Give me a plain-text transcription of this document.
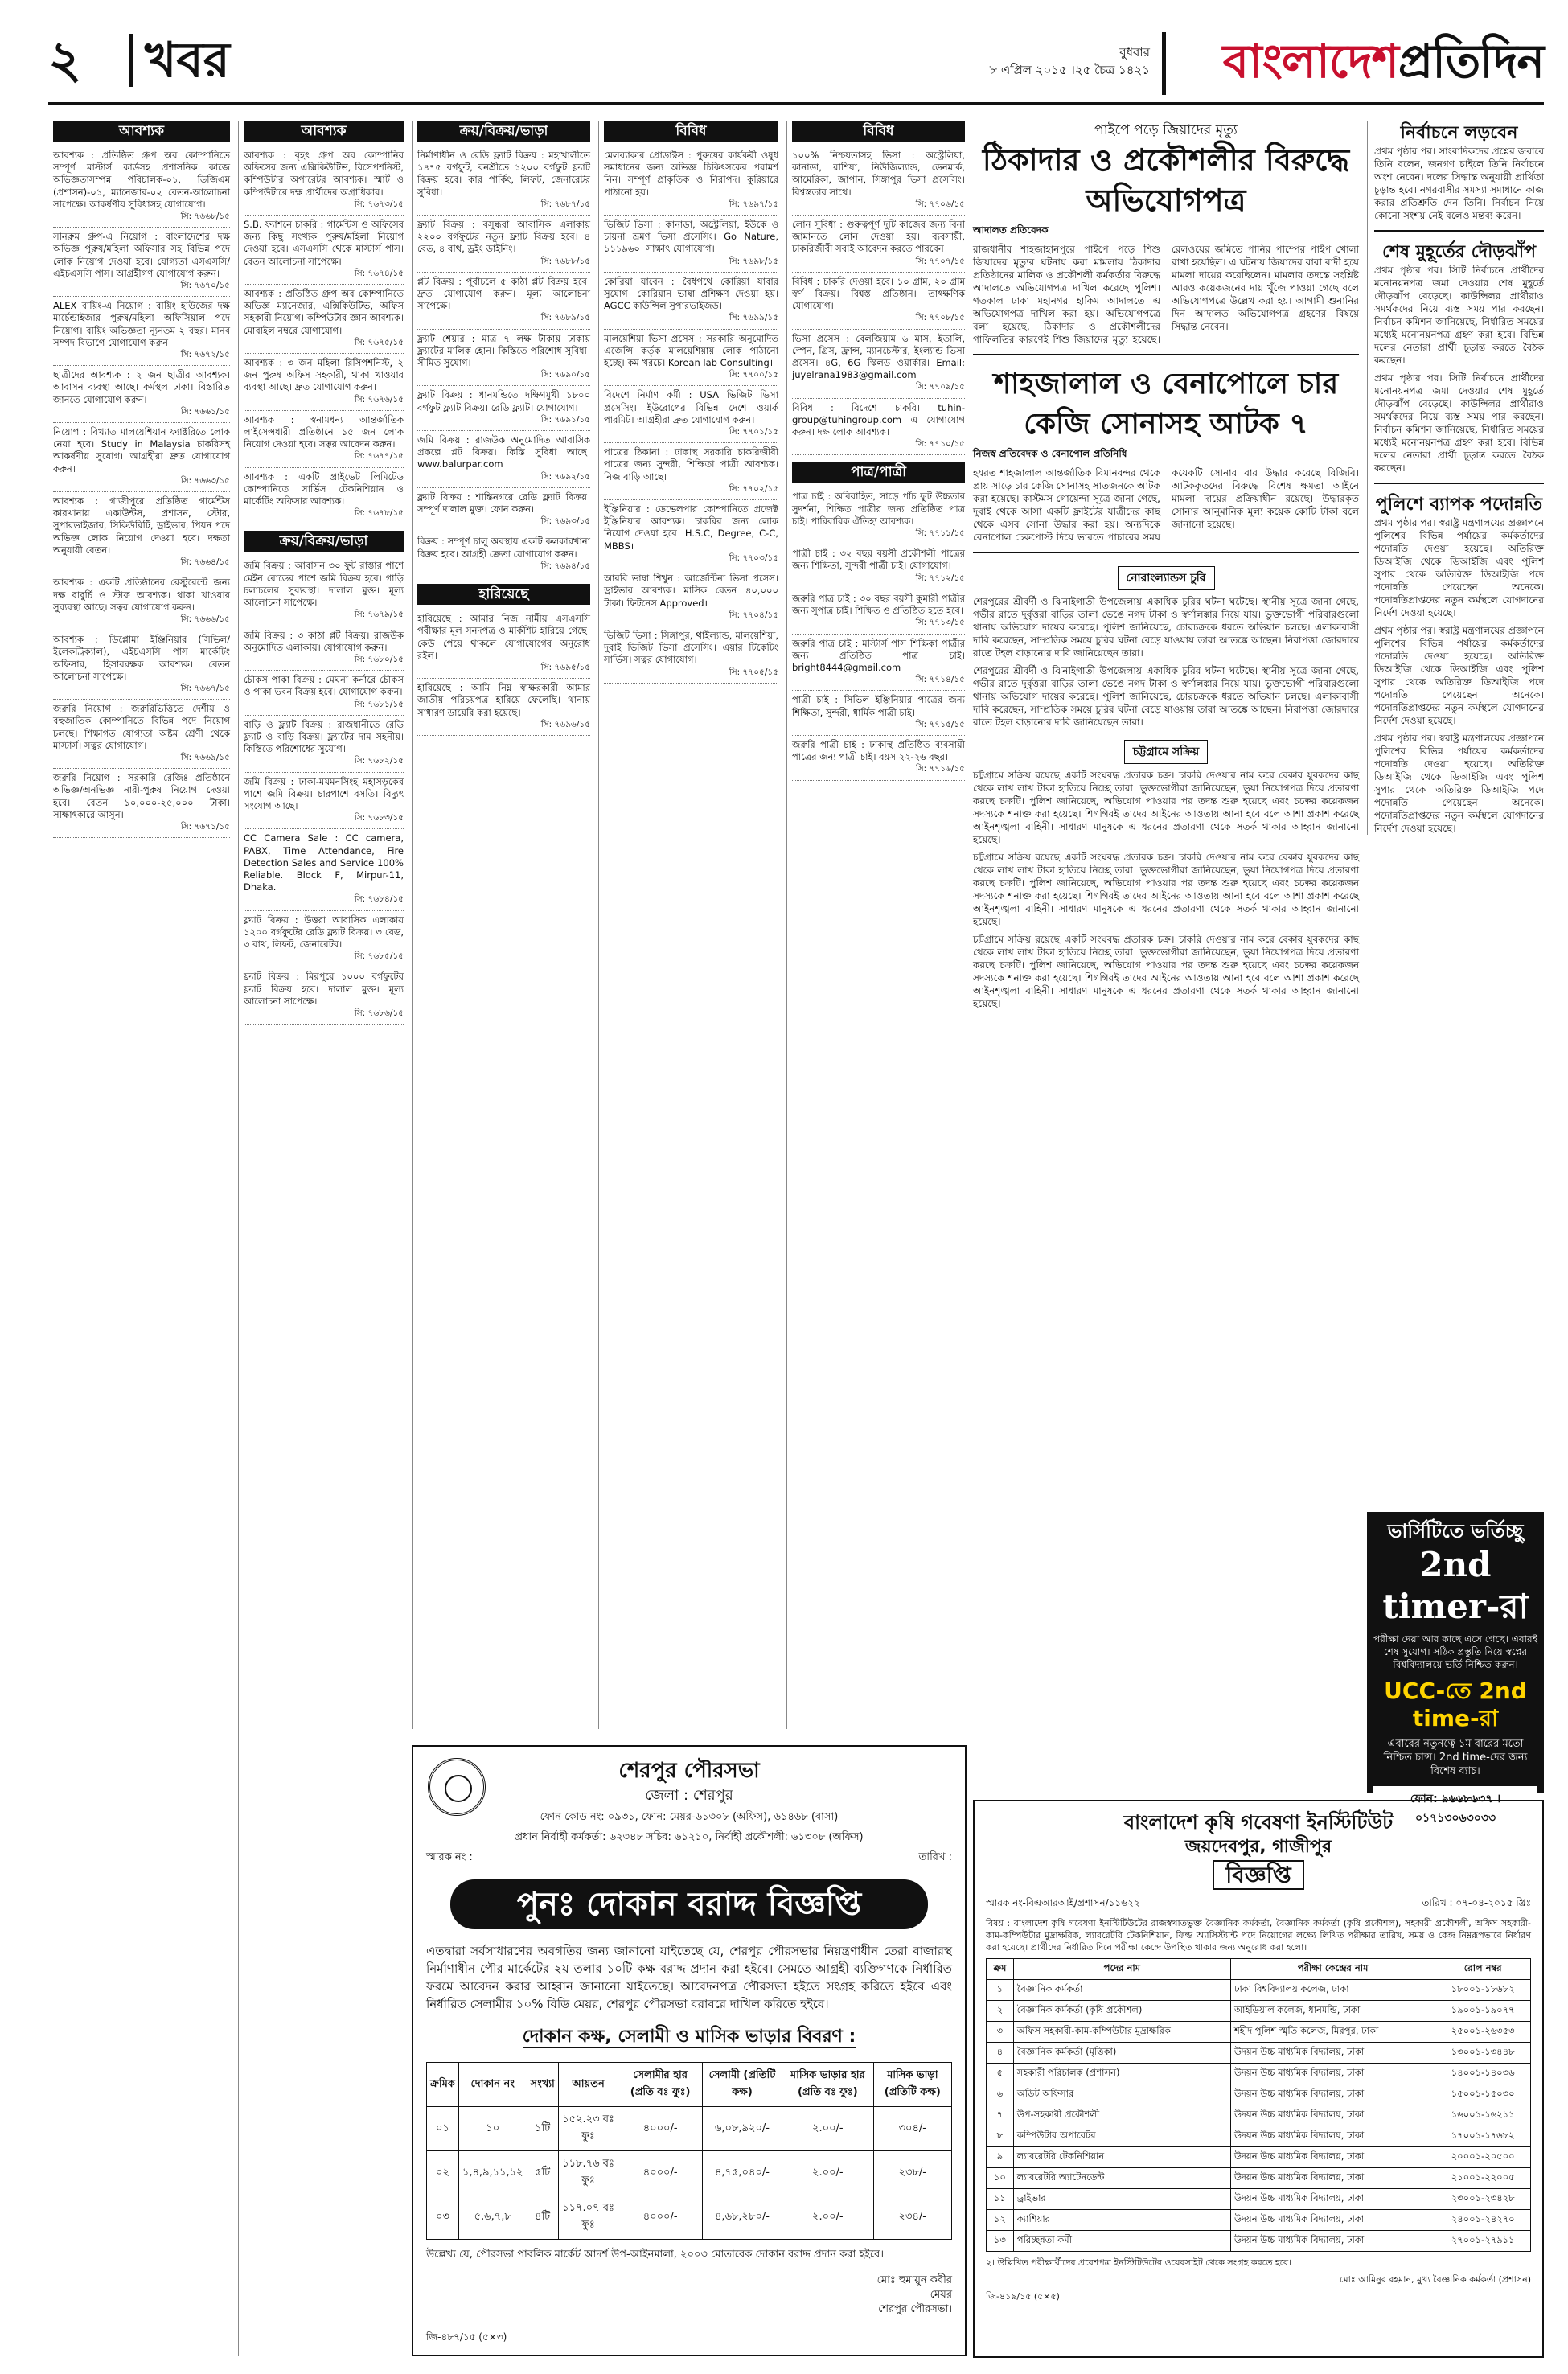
২ খবর	বুধবার
৮ এপ্রিল ২০১৫ ।২৫ চৈত্র ১৪২১ বাংলাদেশপ্রতিদিন
আবশ্যক
আবশ্যক : প্রতিষ্ঠিত গ্রুপ অব কোম্পানিতে সম্পূর্ণ মাস্টার্স কার্ডসহ প্রশাসনিক কাজে অভিজ্ঞতাসম্পন্ন পরিচালক-০১, ডিজিএম (প্রশাসন)-০১, ম্যানেজার-০২ বেতন-আলোচনা সাপেক্ষে। আকর্ষণীয় সুবিধাসহ যোগাযোগ।
সি: ৭৬৬৮/১৫
সানরুম গ্রুপ-এ নিয়োগ : বাংলাদেশের দক্ষ অভিজ্ঞ পুরুষ/মহিলা অফিসার সহ বিভিন্ন পদে লোক নিয়োগ দেওয়া হবে। যোগ্যতা এসএসসি/এইচএসসি পাস। আগ্রহীগণ যোগাযোগ করুন।
সি: ৭৬৭০/১৫
ALEX বায়িং-এ নিয়োগ : বায়িং হাউজের দক্ষ মার্চেন্ডাইজার পুরুষ/মহিলা অফিসিয়াল পদে নিয়োগ। বায়িং অভিজ্ঞতা ন্যূনতম ২ বছর। মানব সম্পদ বিভাগে যোগাযোগ করুন।
সি: ৭৬৭২/১৫
ছাত্রীদের আবশ্যক : ২ জন ছাত্রীর আবশ্যক। আবাসন ব্যবস্থা আছে। কর্মস্থল ঢাকা। বিস্তারিত জানতে যোগাযোগ করুন।
সি: ৭৬৬১/১৫
নিয়োগ : বিখ্যাত মালয়েশিয়ান ফ্যাক্টরিতে লোক নেয়া হবে। Study in Malaysia চাকরিসহ আকর্ষণীয় সুযোগ। আগ্রহীরা দ্রুত যোগাযোগ করুন।
সি: ৭৬৬৩/১৫
আবশ্যক : গাজীপুরে প্রতিষ্ঠিত গার্মেন্টস কারখানায় একাউন্টস, প্রশাসন, স্টোর, সুপারভাইজার, সিকিউরিটি, ড্রাইভার, পিয়ন পদে অভিজ্ঞ লোক নিয়োগ দেওয়া হবে। দক্ষতা অনুযায়ী বেতন।
সি: ৭৬৬৪/১৫
আবশ্যক : একটি প্রতিষ্ঠানের রেস্টুরেন্টে জন্য দক্ষ বাবুর্চি ও স্টাফ আবশ্যক। থাকা খাওয়ার সুব্যবস্থা আছে। সত্বর যোগাযোগ করুন।
সি: ৭৬৬৬/১৫
আবশ্যক : ডিপ্লোমা ইঞ্জিনিয়ার (সিভিল/ইলেকট্রিক্যাল), এইচএসসি পাস মার্কেটিং অফিসার, হিসাবরক্ষক আবশ্যক। বেতন আলোচনা সাপেক্ষে।
সি: ৭৬৬৭/১৫
জরুরি নিয়োগ : জরুরিভিত্তিতে দেশীয় ও বহুজাতিক কোম্পানিতে বিভিন্ন পদে নিয়োগ চলছে। শিক্ষাগত যোগ্যতা অষ্টম শ্রেণী থেকে মাস্টার্স। সত্বর যোগাযোগ।
সি: ৭৬৬৯/১৫
জরুরি নিয়োগ : সরকারি রেজিঃ প্রতিষ্ঠানে অভিজ্ঞ/অনভিজ্ঞ নারী-পুরুষ নিয়োগ দেওয়া হবে। বেতন ১০,০০০-২৫,০০০ টাকা। সাক্ষাৎকারে আসুন।
সি: ৭৬৭১/১৫
আবশ্যক
আবশ্যক : বৃহৎ গ্রুপ অব কোম্পানির অফিসের জন্য এক্সিকিউটিভ, রিসেপশনিস্ট, কম্পিউটার অপারেটর আবশ্যক। স্মার্ট ও কম্পিউটারে দক্ষ প্রার্থীদের অগ্রাধিকার।
সি: ৭৬৭৩/১৫
S.B. ফ্যাশনে চাকরি : গার্মেন্টস ও অফিসের জন্য কিছু সংখ্যক পুরুষ/মহিলা নিয়োগ দেওয়া হবে। এসএসসি থেকে মাস্টার্স পাস। বেতন আলোচনা সাপেক্ষে।
সি: ৭৬৭৪/১৫
আবশ্যক : প্রতিষ্ঠিত গ্রুপ অব কোম্পানিতে অভিজ্ঞ ম্যানেজার, এক্সিকিউটিভ, অফিস সহকারী নিয়োগ। কম্পিউটার জ্ঞান আবশ্যক। মোবাইল নম্বরে যোগাযোগ।
সি: ৭৬৭৫/১৫
আবশ্যক : ৩ জন মহিলা রিসিপশনিস্ট, ২ জন পুরুষ অফিস সহকারী, থাকা খাওয়ার ব্যবস্থা আছে। দ্রুত যোগাযোগ করুন।
সি: ৭৬৭৬/১৫
আবশ্যক : স্বনামধন্য আন্তর্জাতিক লাইসেন্সধারী প্রতিষ্ঠানে ১৫ জন লোক নিয়োগ দেওয়া হবে। সত্বর আবেদন করুন।
সি: ৭৬৭৭/১৫
আবশ্যক : একটি প্রাইভেট লিমিটেড কোম্পানিতে সার্ভিস টেকনিশিয়ান ও মার্কেটিং অফিসার আবশ্যক।
সি: ৭৬৭৮/১৫
ক্রয়/বিক্রয়/ভাড়া
জমি বিক্রয় : আবাসন ৩০ ফুট রাস্তার পাশে মেইন রোডের পাশে জমি বিক্রয় হবে। গাড়ি চলাচলের সুব্যবস্থা। দালাল মুক্ত। মূল্য আলোচনা সাপেক্ষে।
সি: ৭৬৭৯/১৫
জমি বিক্রয় : ৩ কাঠা প্লট বিক্রয়। রাজউক অনুমোদিত এলাকায়। যোগাযোগ করুন।
সি: ৭৬৮০/১৫
চৌকস পাকা বিক্রয় : মেঘনা কর্নারে চৌকস ও পাকা ভবন বিক্রয় হবে। যোগাযোগ করুন।
সি: ৭৬৮১/১৫
বাড়ি ও ফ্ল্যাট বিক্রয় : রাজধানীতে রেডি ফ্ল্যাট ও বাড়ি বিক্রয়। ফ্ল্যাটের দাম সহনীয়। কিস্তিতে পরিশোধের সুযোগ।
সি: ৭৬৮২/১৫
জমি বিক্রয় : ঢাকা-ময়মনসিংহ মহাসড়কের পাশে জমি বিক্রয়। চারপাশে বসতি। বিদ্যুৎ সংযোগ আছে।
সি: ৭৬৮৩/১৫
CC Camera Sale : CC camera, PABX, Time Attendance, Fire Detection Sales and Service 100% Reliable. Block F, Mirpur-11, Dhaka.
সি: ৭৬৮৪/১৫
ফ্ল্যাট বিক্রয় : উত্তরা আবাসিক এলাকায় ১২০০ বর্গফুটের রেডি ফ্ল্যাট বিক্রয়। ৩ বেড, ৩ বাথ, লিফট, জেনারেটর।
সি: ৭৬৮৫/১৫
ফ্ল্যাট বিক্রয় : মিরপুরে ১০০০ বর্গফুটের ফ্ল্যাট বিক্রয় হবে। দালাল মুক্ত। মূল্য আলোচনা সাপেক্ষে।
সি: ৭৬৮৬/১৫
ক্রয়/বিক্রয়/ভাড়া
নির্মাণাধীন ও রেডি ফ্ল্যাট বিক্রয় : মহাখালীতে ১৪৭৫ বর্গফুট, বনশ্রীতে ১২০০ বর্গফুট ফ্ল্যাট বিক্রয় হবে। কার পার্কিং, লিফট, জেনারেটর সুবিধা।
সি: ৭৬৮৭/১৫
ফ্ল্যাট বিক্রয় : বসুন্ধরা আবাসিক এলাকায় ২২০০ বর্গফুটের নতুন ফ্ল্যাট বিক্রয় হবে। ৪ বেড, ৪ বাথ, ড্রইং ডাইনিং।
সি: ৭৬৮৮/১৫
প্লট বিক্রয় : পূর্বাচলে ৫ কাঠা প্লট বিক্রয় হবে। দ্রুত যোগাযোগ করুন। মূল্য আলোচনা সাপেক্ষে।
সি: ৭৬৮৯/১৫
ফ্ল্যাট শেয়ার : মাত্র ৭ লক্ষ টাকায় ঢাকায় ফ্ল্যাটের মালিক হোন। কিস্তিতে পরিশোধ সুবিধা। সীমিত সুযোগ।
সি: ৭৬৯০/১৫
ফ্ল্যাট বিক্রয় : ধানমন্ডিতে দক্ষিণমুখী ১৮০০ বর্গফুট ফ্ল্যাট বিক্রয়। রেডি ফ্ল্যাট। যোগাযোগ।
সি: ৭৬৯১/১৫
জমি বিক্রয় : রাজউক অনুমোদিত আবাসিক প্রকল্পে প্লট বিক্রয়। কিস্তি সুবিধা আছে। www.balurpar.com
সি: ৭৬৯২/১৫
ফ্ল্যাট বিক্রয় : শান্তিনগরে রেডি ফ্ল্যাট বিক্রয়। সম্পূর্ণ দালাল মুক্ত। ফোন করুন।
সি: ৭৬৯৩/১৫
বিক্রয় : সম্পূর্ণ চালু অবস্থায় একটি কলকারখানা বিক্রয় হবে। আগ্রহী ক্রেতা যোগাযোগ করুন।
সি: ৭৬৯৪/১৫
হারিয়েছে
হারিয়েছে : আমার নিজ নামীয় এসএসসি পরীক্ষার মূল সনদপত্র ও মার্কশিট হারিয়ে গেছে। কেউ পেয়ে থাকলে যোগাযোগের অনুরোধ রইল।
সি: ৭৬৯৫/১৫
হারিয়েছে : আমি নিম্ন স্বাক্ষরকারী আমার জাতীয় পরিচয়পত্র হারিয়ে ফেলেছি। থানায় সাধারণ ডায়েরি করা হয়েছে।
সি: ৭৬৯৬/১৫
বিবিধ
মেলব্যাকার প্রোডাক্টস : পুরুষের কার্যকরী ওষুধ সমাধানের জন্য অভিজ্ঞ চিকিৎসকের পরামর্শ নিন। সম্পূর্ণ প্রাকৃতিক ও নিরাপদ। কুরিয়ারে পাঠানো হয়।
সি: ৭৬৯৭/১৫
ভিজিট ভিসা : কানাডা, অস্ট্রেলিয়া, ইউকে ও চায়না ভ্রমণ ভিসা প্রসেসিং। Go Nature, ১১১৯৬০। সাক্ষাৎ যোগাযোগ।
সি: ৭৬৯৮/১৫
কোরিয়া যাবেন : বৈধপথে কোরিয়া যাবার সুযোগ। কোরিয়ান ভাষা প্রশিক্ষণ দেওয়া হয়। AGCC কাউন্সিল সুপারভাইজড।
সি: ৭৬৯৯/১৫
মালয়েশিয়া ভিসা প্রসেস : সরকারি অনুমোদিত এজেন্সি কর্তৃক মালয়েশিয়ায় লোক পাঠানো হচ্ছে। কম খরচে। Korean lab Consulting।
সি: ৭৭০০/১৫
বিদেশে নির্মাণ কর্মী : USA ভিজিট ভিসা প্রসেসিং। ইউরোপের বিভিন্ন দেশে ওয়ার্ক পারমিট। আগ্রহীরা দ্রুত যোগাযোগ করুন।
সি: ৭৭০১/১৫
পাত্রের ঠিকানা : ঢাকাস্থ সরকারি চাকরিজীবী পাত্রের জন্য সুন্দরী, শিক্ষিতা পাত্রী আবশ্যক। নিজ বাড়ি আছে।
সি: ৭৭০২/১৫
ইঞ্জিনিয়ার : ডেভেলপার কোম্পানিতে প্রজেক্ট ইঞ্জিনিয়ার আবশ্যক। চাকরির জন্য লোক নিয়োগ দেওয়া হবে। H.S.C, Degree, C-C, MBBS।
সি: ৭৭০৩/১৫
আরবি ভাষা শিখুন : আর্জেন্টিনা ভিসা প্রসেস। ড্রাইভার আবশ্যক। মাসিক বেতন ৪০,০০০ টাকা। ফিটনেস Approved।
সি: ৭৭০৪/১৫
ভিজিট ভিসা : সিঙ্গাপুর, থাইল্যান্ড, মালয়েশিয়া, দুবাই ভিজিট ভিসা প্রসেসিং। এয়ার টিকেটিং সার্ভিস। সত্বর যোগাযোগ।
সি: ৭৭০৫/১৫
বিবিধ
১০০% নিশ্চয়তাসহ ভিসা : অস্ট্রেলিয়া, কানাডা, রাশিয়া, নিউজিল্যান্ড, ডেনমার্ক, আমেরিকা, জাপান, সিঙ্গাপুর ভিসা প্রসেসিং। বিশ্বস্ততার সাথে।
সি: ৭৭০৬/১৫
লোন সুবিধা : গুরুত্বপূর্ণ দুটি কাজের জন্য বিনা জামানতে লোন দেওয়া হয়। ব্যবসায়ী, চাকরিজীবী সবাই আবেদন করতে পারবেন।
সি: ৭৭০৭/১৫
বিবিধ : চাকরি দেওয়া হবে। ১০ গ্রাম, ২০ গ্রাম স্বর্ণ বিক্রয়। বিশ্বস্ত প্রতিষ্ঠান। তাৎক্ষণিক যোগাযোগ।
সি: ৭৭০৮/১৫
ভিসা প্রসেস : বেলজিয়াম ৬ মাস, ইতালি, স্পেন, গ্রিস, ফ্রান্স, ম্যানচেস্টার, ইংল্যান্ড ভিসা প্রসেস। ৪G, 6G স্কিলড ওয়ার্কার। Email: juyelrana1983@gmail.com
সি: ৭৭০৯/১৫
বিবিধ : বিদেশে চাকরি। tuhin-group@tuhingroup.com এ যোগাযোগ করুন। দক্ষ লোক আবশ্যক।
সি: ৭৭১০/১৫
পাত্র/পাত্রী
পাত্র চাই : অবিবাহিত, সাড়ে পাঁচ ফুট উচ্চতার সুদর্শনা, শিক্ষিত পাত্রীর জন্য প্রতিষ্ঠিত পাত্র চাই। পারিবারিক ঐতিহ্য আবশ্যক।
সি: ৭৭১১/১৫
পাত্রী চাই : ৩২ বছর বয়সী প্রকৌশলী পাত্রের জন্য শিক্ষিতা, সুন্দরী পাত্রী চাই। যোগাযোগ।
সি: ৭৭১২/১৫
জরুরি পাত্র চাই : ৩০ বছর বয়সী কুমারী পাত্রীর জন্য সুপাত্র চাই। শিক্ষিত ও প্রতিষ্ঠিত হতে হবে।
সি: ৭৭১৩/১৫
জরুরি পাত্র চাই : মাস্টার্স পাস শিক্ষিকা পাত্রীর জন্য প্রতিষ্ঠিত পাত্র চাই। bright8444@gmail.com
সি: ৭৭১৪/১৫
পাত্রী চাই : সিভিল ইঞ্জিনিয়ার পাত্রের জন্য শিক্ষিতা, সুন্দরী, ধার্মিক পাত্রী চাই।
সি: ৭৭১৫/১৫
জরুরি পাত্রী চাই : ঢাকাস্থ প্রতিষ্ঠিত ব্যবসায়ী পাত্রের জন্য পাত্রী চাই। বয়স ২২-২৬ বছর।
সি: ৭৭১৬/১৫
পাইপে পড়ে জিয়াদের মৃত্যু
ঠিকাদার ও প্রকৌশলীর বিরুদ্ধে অভিযোগপত্র
আদালত প্রতিবেদক
রাজধানীর শাহজাহানপুরে পাইপে পড়ে শিশু জিয়াদের মৃত্যুর ঘটনায় করা মামলায় ঠিকাদার প্রতিষ্ঠানের মালিক ও প্রকৌশলী কর্মকর্তার বিরুদ্ধে আদালতে অভিযোগপত্র দাখিল করেছে পুলিশ। গতকাল ঢাকা মহানগর হাকিম আদালতে এ অভিযোগপত্র দাখিল করা হয়। অভিযোগপত্রে বলা হয়েছে, ঠিকাদার ও প্রকৌশলীদের গাফিলতির কারণেই শিশু জিয়াদের মৃত্যু হয়েছে। রেলওয়ের জমিতে পানির পাম্পের পাইপ খোলা রাখা হয়েছিল। এ ঘটনায় জিয়াদের বাবা বাদী হয়ে মামলা দায়ের করেছিলেন। মামলার তদন্তে সংশ্লিষ্ট আরও কয়েকজনের দায় খুঁজে পাওয়া গেছে বলে অভিযোগপত্রে উল্লেখ করা হয়। আগামী শুনানির দিন আদালত অভিযোগপত্র গ্রহণের বিষয়ে সিদ্ধান্ত নেবেন।
শাহজালাল ও বেনাপোলে চার কেজি সোনাসহ আটক ৭
নিজস্ব প্রতিবেদক ও বেনাপোল প্রতিনিধি
হযরত শাহজালাল আন্তর্জাতিক বিমানবন্দর থেকে প্রায় সাড়ে চার কেজি সোনাসহ সাতজনকে আটক করা হয়েছে। কাস্টমস গোয়েন্দা সূত্রে জানা গেছে, দুবাই থেকে আসা একটি ফ্লাইটের যাত্রীদের কাছ থেকে এসব সোনা উদ্ধার করা হয়। অন্যদিকে বেনাপোল চেকপোস্ট দিয়ে ভারতে পাচারের সময় কয়েকটি সোনার বার উদ্ধার করেছে বিজিবি। আটককৃতদের বিরুদ্ধে বিশেষ ক্ষমতা আইনে মামলা দায়ের প্রক্রিয়াধীন রয়েছে। উদ্ধারকৃত সোনার আনুমানিক মূল্য কয়েক কোটি টাকা বলে জানানো হয়েছে।
নোরাংল্যান্ডস চুরি
শেরপুরের শ্রীবর্দী ও ঝিনাইগাতী উপজেলায় একাধিক চুরির ঘটনা ঘটেছে। স্থানীয় সূত্রে জানা গেছে, গভীর রাতে দুর্বৃত্তরা বাড়ির তালা ভেঙে নগদ টাকা ও স্বর্ণালঙ্কার নিয়ে যায়। ভুক্তভোগী পরিবারগুলো থানায় অভিযোগ দায়ের করেছে। পুলিশ জানিয়েছে, চোরচক্রকে ধরতে অভিযান চলছে। এলাকাবাসী দাবি করেছেন, সাম্প্রতিক সময়ে চুরির ঘটনা বেড়ে যাওয়ায় তারা আতঙ্কে আছেন। নিরাপত্তা জোরদারে রাতে টহল বাড়ানোর দাবি জানিয়েছেন তারা।
শেরপুরের শ্রীবর্দী ও ঝিনাইগাতী উপজেলায় একাধিক চুরির ঘটনা ঘটেছে। স্থানীয় সূত্রে জানা গেছে, গভীর রাতে দুর্বৃত্তরা বাড়ির তালা ভেঙে নগদ টাকা ও স্বর্ণালঙ্কার নিয়ে যায়। ভুক্তভোগী পরিবারগুলো থানায় অভিযোগ দায়ের করেছে। পুলিশ জানিয়েছে, চোরচক্রকে ধরতে অভিযান চলছে। এলাকাবাসী দাবি করেছেন, সাম্প্রতিক সময়ে চুরির ঘটনা বেড়ে যাওয়ায় তারা আতঙ্কে আছেন। নিরাপত্তা জোরদারে রাতে টহল বাড়ানোর দাবি জানিয়েছেন তারা।
চট্টগ্রামে সক্রিয়
চট্টগ্রামে সক্রিয় রয়েছে একটি সংঘবদ্ধ প্রতারক চক্র। চাকরি দেওয়ার নাম করে বেকার যুবকদের কাছ থেকে লাখ লাখ টাকা হাতিয়ে নিচ্ছে তারা। ভুক্তভোগীরা জানিয়েছেন, ভুয়া নিয়োগপত্র দিয়ে প্রতারণা করছে চক্রটি। পুলিশ জানিয়েছে, অভিযোগ পাওয়ার পর তদন্ত শুরু হয়েছে এবং চক্রের কয়েকজন সদস্যকে শনাক্ত করা হয়েছে। শিগগিরই তাদের আইনের আওতায় আনা হবে বলে আশা প্রকাশ করেছে আইনশৃঙ্খলা বাহিনী। সাধারণ মানুষকে এ ধরনের প্রতারণা থেকে সতর্ক থাকার আহ্বান জানানো হয়েছে।
চট্টগ্রামে সক্রিয় রয়েছে একটি সংঘবদ্ধ প্রতারক চক্র। চাকরি দেওয়ার নাম করে বেকার যুবকদের কাছ থেকে লাখ লাখ টাকা হাতিয়ে নিচ্ছে তারা। ভুক্তভোগীরা জানিয়েছেন, ভুয়া নিয়োগপত্র দিয়ে প্রতারণা করছে চক্রটি। পুলিশ জানিয়েছে, অভিযোগ পাওয়ার পর তদন্ত শুরু হয়েছে এবং চক্রের কয়েকজন সদস্যকে শনাক্ত করা হয়েছে। শিগগিরই তাদের আইনের আওতায় আনা হবে বলে আশা প্রকাশ করেছে আইনশৃঙ্খলা বাহিনী। সাধারণ মানুষকে এ ধরনের প্রতারণা থেকে সতর্ক থাকার আহ্বান জানানো হয়েছে।
চট্টগ্রামে সক্রিয় রয়েছে একটি সংঘবদ্ধ প্রতারক চক্র। চাকরি দেওয়ার নাম করে বেকার যুবকদের কাছ থেকে লাখ লাখ টাকা হাতিয়ে নিচ্ছে তারা। ভুক্তভোগীরা জানিয়েছেন, ভুয়া নিয়োগপত্র দিয়ে প্রতারণা করছে চক্রটি। পুলিশ জানিয়েছে, অভিযোগ পাওয়ার পর তদন্ত শুরু হয়েছে এবং চক্রের কয়েকজন সদস্যকে শনাক্ত করা হয়েছে। শিগগিরই তাদের আইনের আওতায় আনা হবে বলে আশা প্রকাশ করেছে আইনশৃঙ্খলা বাহিনী। সাধারণ মানুষকে এ ধরনের প্রতারণা থেকে সতর্ক থাকার আহ্বান জানানো হয়েছে।
নির্বাচনে লড়বেন
প্রথম পৃষ্ঠার পর। সাংবাদিকদের প্রশ্নের জবাবে তিনি বলেন, জনগণ চাইলে তিনি নির্বাচনে অংশ নেবেন। দলের সিদ্ধান্ত অনুযায়ী প্রার্থিতা চূড়ান্ত হবে। নগরবাসীর সমস্যা সমাধানে কাজ করার প্রতিশ্রুতি দেন তিনি। নির্বাচন নিয়ে কোনো সংশয় নেই বলেও মন্তব্য করেন।
শেষ মুহূর্তের দৌড়ঝাঁপ
প্রথম পৃষ্ঠার পর। সিটি নির্বাচনে প্রার্থীদের মনোনয়নপত্র জমা দেওয়ার শেষ মুহূর্তে দৌড়ঝাঁপ বেড়েছে। কাউন্সিলর প্রার্থীরাও সমর্থকদের নিয়ে ব্যস্ত সময় পার করছেন। নির্বাচন কমিশন জানিয়েছে, নির্ধারিত সময়ের মধ্যেই মনোনয়নপত্র গ্রহণ করা হবে। বিভিন্ন দলের নেতারা প্রার্থী চূড়ান্ত করতে বৈঠক করছেন।
প্রথম পৃষ্ঠার পর। সিটি নির্বাচনে প্রার্থীদের মনোনয়নপত্র জমা দেওয়ার শেষ মুহূর্তে দৌড়ঝাঁপ বেড়েছে। কাউন্সিলর প্রার্থীরাও সমর্থকদের নিয়ে ব্যস্ত সময় পার করছেন। নির্বাচন কমিশন জানিয়েছে, নির্ধারিত সময়ের মধ্যেই মনোনয়নপত্র গ্রহণ করা হবে। বিভিন্ন দলের নেতারা প্রার্থী চূড়ান্ত করতে বৈঠক করছেন।
পুলিশে ব্যাপক পদোন্নতি
প্রথম পৃষ্ঠার পর। স্বরাষ্ট্র মন্ত্রণালয়ের প্রজ্ঞাপনে পুলিশের বিভিন্ন পর্যায়ের কর্মকর্তাদের পদোন্নতি দেওয়া হয়েছে। অতিরিক্ত ডিআইজি থেকে ডিআইজি এবং পুলিশ সুপার থেকে অতিরিক্ত ডিআইজি পদে পদোন্নতি পেয়েছেন অনেকে। পদোন্নতিপ্রাপ্তদের নতুন কর্মস্থলে যোগদানের নির্দেশ দেওয়া হয়েছে।
প্রথম পৃষ্ঠার পর। স্বরাষ্ট্র মন্ত্রণালয়ের প্রজ্ঞাপনে পুলিশের বিভিন্ন পর্যায়ের কর্মকর্তাদের পদোন্নতি দেওয়া হয়েছে। অতিরিক্ত ডিআইজি থেকে ডিআইজি এবং পুলিশ সুপার থেকে অতিরিক্ত ডিআইজি পদে পদোন্নতি পেয়েছেন অনেকে। পদোন্নতিপ্রাপ্তদের নতুন কর্মস্থলে যোগদানের নির্দেশ দেওয়া হয়েছে।
প্রথম পৃষ্ঠার পর। স্বরাষ্ট্র মন্ত্রণালয়ের প্রজ্ঞাপনে পুলিশের বিভিন্ন পর্যায়ের কর্মকর্তাদের পদোন্নতি দেওয়া হয়েছে। অতিরিক্ত ডিআইজি থেকে ডিআইজি এবং পুলিশ সুপার থেকে অতিরিক্ত ডিআইজি পদে পদোন্নতি পেয়েছেন অনেকে। পদোন্নতিপ্রাপ্তদের নতুন কর্মস্থলে যোগদানের নির্দেশ দেওয়া হয়েছে।
ভার্সিটিতে ভর্তিচ্ছু
2nd timer-রা
পরীক্ষা দেয়া আর কাছে এসে গেছে। এবারই শেষ সুযোগ। সঠিক প্রস্তুতি নিয়ে স্বপ্নের বিশ্ববিদ্যালয়ে ভর্তি নিশ্চিত করুন।
UCC-তে 2nd time-রা
এবারের নতুনত্বে ১ম বারের মতো নিশ্চিত চান্স। 2nd time-দের জন্য বিশেষ ব্যাচ।
ফোন: ৯৬৬৮৬৩৭ । ০১৭১৩০৬৩০৩৩
শেরপুর পৌরসভা
জেলা : শেরপুর
ফোন কোড নং: ০৯৩১, ফোন: মেয়র-৬১৩০৮ (অফিস), ৬১৪৬৮ (বাসা)
প্রধান নির্বাহী কর্মকর্তা: ৬২৩৪৮ সচিব: ৬১২১০, নির্বাহী প্রকৌশলী: ৬১৩০৮ (অফিস)
স্মারক নং :	তারিখ :
পুনঃ দোকান বরাদ্দ বিজ্ঞপ্তি
এতদ্বারা সর্বসাধারণের অবগতির জন্য জানানো যাইতেছে যে, শেরপুর পৌরসভার নিয়ন্ত্রণাধীন তেরা বাজারস্থ নির্মাণাধীন পৌর মার্কেটের ২য় তলার ১০টি কক্ষ বরাদ্দ প্রদান করা হইবে। সেমতে আগ্রহী ব্যক্তিগণকে নির্ধারিত ফরমে আবেদন করার আহ্বান জানানো যাইতেছে। আবেদনপত্র পৌরসভা হইতে সংগ্রহ করিতে হইবে এবং নির্ধারিত সেলামীর ১০% বিডি মেয়র, শেরপুর পৌরসভা বরাবরে দাখিল করিতে হইবে।
দোকান কক্ষ, সেলামী ও মাসিক ভাড়ার বিবরণ :
ক্রমিক	দোকান নং	সংখ্যা	আয়তন	সেলামীর হার (প্রতি বঃ ফুঃ)	সেলামী (প্রতিটি কক্ষ)	মাসিক ভাড়ার হার (প্রতি বঃ ফুঃ)	মাসিক ভাড়া (প্রতিটি কক্ষ)
০১	১০	১টি	১৫২.২৩ বঃ ফুঃ	৪০০০/-	৬,০৮,৯২০/-	২.০০/-	৩০৪/-
০২	১,৪,৯,১১,১২	৫টি	১১৮.৭৬ বঃ ফুঃ	৪০০০/-	৪,৭৫,০৪০/-	২.০০/-	২৩৮/-
০৩	৫,৬,৭,৮	৪টি	১১৭.০৭ বঃ ফুঃ	৪০০০/-	৪,৬৮,২৮০/-	২.০০/-	২৩৪/-
উল্লেখ্য যে, পৌরসভা পাবলিক মার্কেট আদর্শ উপ-আইনমালা, ২০০৩ মোতাবেক দোকান বরাদ্দ প্রদান করা হইবে।
মোঃ হুমায়ুন কবীর
মেয়র
শেরপুর পৌরসভা।
জি-৪৮৭/১৫ (৫×৩)
বাংলাদেশ কৃষি গবেষণা ইনস্টিটিউট
জয়দেবপুর, গাজীপুর
বিজ্ঞপ্তি
স্মারক নং-বিএআরআই/প্রশাসন/১১৬২২	তারিখ : ০৭-০৪-২০১৫ খ্রিঃ
বিষয় : বাংলাদেশ কৃষি গবেষণা ইনস্টিটিউটের রাজস্বখাতভুক্ত বৈজ্ঞানিক কর্মকর্তা, বৈজ্ঞানিক কর্মকর্তা (কৃষি প্রকৌশল), সহকারী প্রকৌশলী, অফিস সহকারী-কাম-কম্পিউটার মুদ্রাক্ষরিক, ল্যাবরেটরি টেকনিশিয়ান, ফিল্ড অ্যাসিস্ট্যান্ট পদে নিয়োগের লক্ষ্যে লিখিত পরীক্ষার তারিখ, সময় ও কেন্দ্র নিম্নরূপভাবে নির্ধারণ করা হয়েছে। প্রার্থীদের নির্ধারিত দিনে পরীক্ষা কেন্দ্রে উপস্থিত থাকার জন্য অনুরোধ করা হলো।
ক্রম	পদের নাম	পরীক্ষা কেন্দ্রের নাম	রোল নম্বর
১	বৈজ্ঞানিক কর্মকর্তা	ঢাকা বিশ্ববিদ্যালয় কলেজ, ঢাকা	১৮০০১-১৮৬৮২
২	বৈজ্ঞানিক কর্মকর্তা (কৃষি প্রকৌশল)	আইডিয়াল কলেজ, ধানমন্ডি, ঢাকা	১৯০০১-১৯০৭৭
৩	অফিস সহকারী-কাম-কম্পিউটার মুদ্রাক্ষরিক	শহীদ পুলিশ স্মৃতি কলেজ, মিরপুর, ঢাকা	২৫০০১-২৬৩৫৩
৪	বৈজ্ঞানিক কর্মকর্তা (মৃত্তিকা)	উদয়ন উচ্চ মাধ্যমিক বিদ্যালয়, ঢাকা	১৩০০১-১৩৪৪৮
৫	সহকারী পরিচালক (প্রশাসন)	উদয়ন উচ্চ মাধ্যমিক বিদ্যালয়, ঢাকা	১৪০০১-১৪০৩৬
৬	অডিট অফিসার	উদয়ন উচ্চ মাধ্যমিক বিদ্যালয়, ঢাকা	১৫০০১-১৫০৩০
৭	উপ-সহকারী প্রকৌশলী	উদয়ন উচ্চ মাধ্যমিক বিদ্যালয়, ঢাকা	১৬০০১-১৬২১১
৮	কম্পিউটার অপারেটর	উদয়ন উচ্চ মাধ্যমিক বিদ্যালয়, ঢাকা	১৭০০১-১৭৬৮২
৯	ল্যাবরেটরি টেকনিশিয়ান	উদয়ন উচ্চ মাধ্যমিক বিদ্যালয়, ঢাকা	২০০০১-২০৫০০
১০	ল্যাবরেটরি অ্যাটেনডেন্ট	উদয়ন উচ্চ মাধ্যমিক বিদ্যালয়, ঢাকা	২১০০১-২২০০৫
১১	ড্রাইভার	উদয়ন উচ্চ মাধ্যমিক বিদ্যালয়, ঢাকা	২৩০০১-২৩৪২৮
১২	ক্যাশিয়ার	উদয়ন উচ্চ মাধ্যমিক বিদ্যালয়, ঢাকা	২৪০০১-২৪২৭০
১৩	পরিচ্ছন্নতা কর্মী	উদয়ন উচ্চ মাধ্যমিক বিদ্যালয়, ঢাকা	২৭০০১-২৭৯১১
২। উল্লিখিত পরীক্ষার্থীদের প্রবেশপত্র ইনস্টিটিউটের ওয়েবসাইট থেকে সংগ্রহ করতে হবে।
মোঃ আমিনুর রহমান, মুখ্য বৈজ্ঞানিক কর্মকর্তা (প্রশাসন)
জি-৪১৯/১৫ (৫×৫)
